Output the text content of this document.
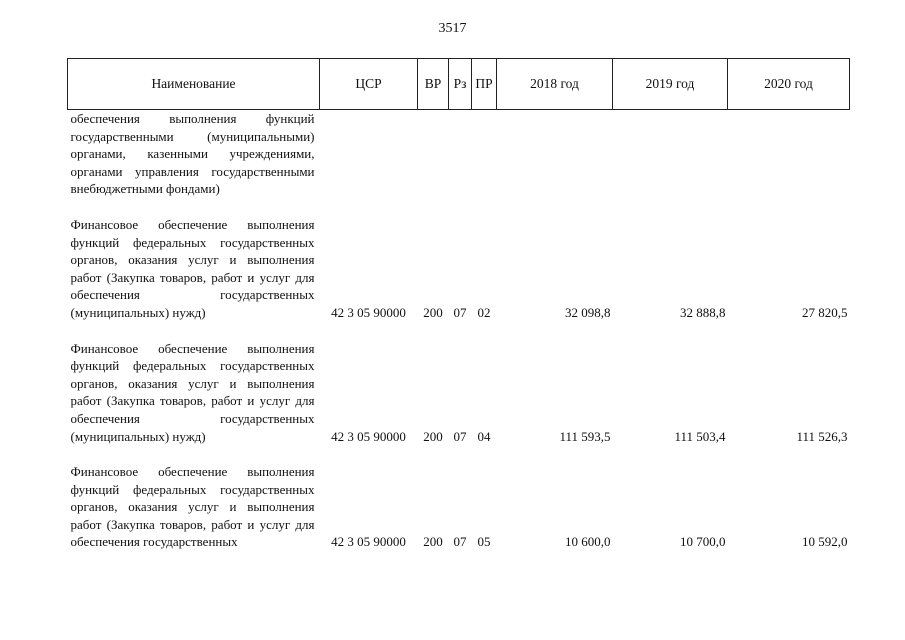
3517
Наименование	ЦСР	ВР	Рз	ПР	2018 год	2019 год	2020 год
обеспечения выполнения функций государственными (муниципальными) органами, казенными учреждениями, органами управления государственными внебюджетными фондами)							

Финансовое обеспечение выполнения функций федеральных государственных органов, оказания услуг и выполнения работ (Закупка товаров, работ и услуг для обеспечения государственных (муниципальных) нужд)	42 3 05 90000	200	07	02	32 098,8	32 888,8	27 820,5

Финансовое обеспечение выполнения функций федеральных государственных органов, оказания услуг и выполнения работ (Закупка товаров, работ и услуг для обеспечения государственных (муниципальных) нужд)	42 3 05 90000	200	07	04	111 593,5	111 503,4	111 526,3

Финансовое обеспечение выполнения функций федеральных государственных органов, оказания услуг и выполнения работ (Закупка товаров, работ и услуг для обеспечения государственных	42 3 05 90000	200	07	05	10 600,0	10 700,0	10 592,0
